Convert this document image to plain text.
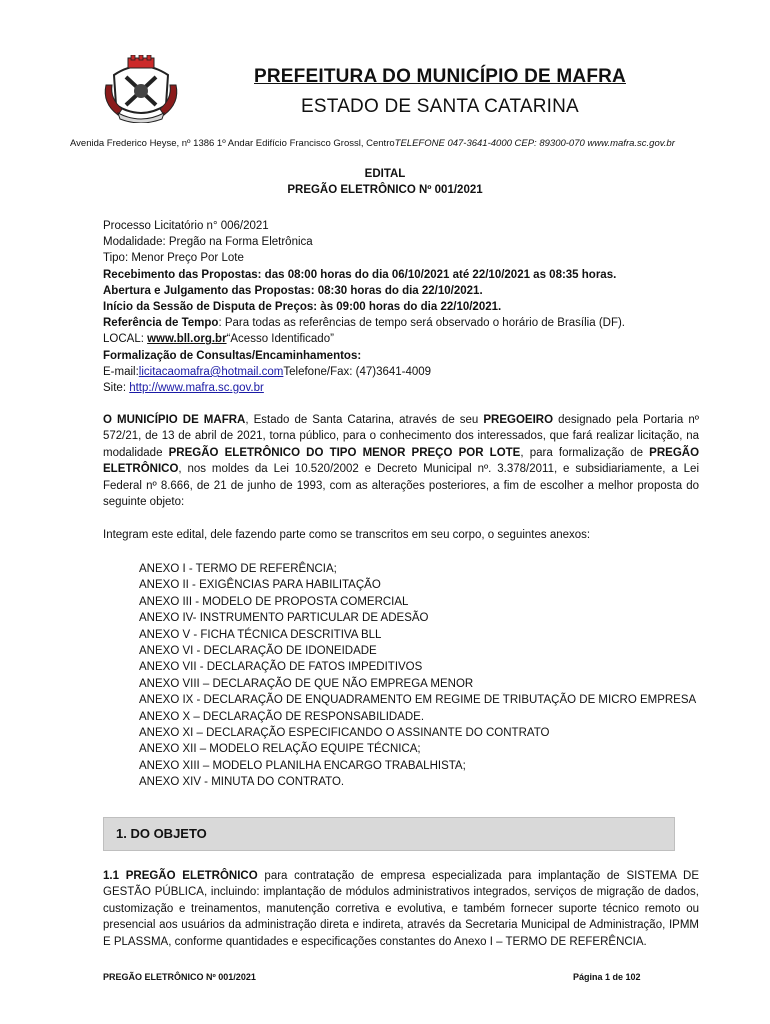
PREFEITURA DO MUNICÍPIO DE MAFRA
ESTADO DE SANTA CATARINA
Avenida Frederico Heyse, nº 1386 1º Andar Edifício Francisco Grossl, CentroTELEFONE 047-3641-4000 CEP: 89300-070 www.mafra.sc.gov.br
EDITAL
PREGÃO ELETRÔNICO Nº 001/2021
Processo Licitatório n° 006/2021
Modalidade: Pregão na Forma Eletrônica
Tipo: Menor Preço Por Lote
Recebimento das Propostas: das 08:00 horas do dia 06/10/2021 até 22/10/2021 as 08:35 horas.
Abertura e Julgamento das Propostas: 08:30 horas do dia 22/10/2021.
Início da Sessão de Disputa de Preços: às 09:00 horas do dia 22/10/2021.
Referência de Tempo: Para todas as referências de tempo será observado o horário de Brasília (DF).
LOCAL: www.bll.org.br“Acesso Identificado”
Formalização de Consultas/Encaminhamentos:
E-mail:licitacaomafra@hotmail.comTelefone/Fax: (47)3641-4009
Site: http://www.mafra.sc.gov.br
O MUNICÍPIO DE MAFRA, Estado de Santa Catarina, através de seu PREGOEIRO designado pela Portaria nº 572/21, de 13 de abril de 2021, torna público, para o conhecimento dos interessados, que fará realizar licitação, na modalidade PREGÃO ELETRÔNICO DO TIPO MENOR PREÇO POR LOTE, para formalização de PREGÃO ELETRÔNICO, nos moldes da Lei 10.520/2002 e Decreto Municipal nº. 3.378/2011, e subsidiariamente, a Lei Federal nº 8.666, de 21 de junho de 1993, com as alterações posteriores, a fim de escolher a melhor proposta do seguinte objeto:
Integram este edital, dele fazendo parte como se transcritos em seu corpo, o seguintes anexos:
ANEXO I - TERMO DE REFERÊNCIA;
ANEXO II - EXIGÊNCIAS PARA HABILITAÇÃO
ANEXO III - MODELO DE PROPOSTA COMERCIAL
ANEXO IV- INSTRUMENTO PARTICULAR DE ADESÃO
ANEXO V - FICHA TÉCNICA DESCRITIVA BLL
ANEXO VI - DECLARAÇÃO DE IDONEIDADE
ANEXO VII - DECLARAÇÃO DE FATOS IMPEDITIVOS
ANEXO VIII – DECLARAÇÃO DE QUE NÃO EMPREGA MENOR
ANEXO IX - DECLARAÇÃO DE ENQUADRAMENTO EM REGIME DE TRIBUTAÇÃO DE MICRO EMPRESA
ANEXO X – DECLARAÇÃO DE RESPONSABILIDADE.
ANEXO XI – DECLARAÇÃO ESPECIFICANDO O ASSINANTE DO CONTRATO
ANEXO XII – MODELO RELAÇÃO EQUIPE TÉCNICA;
ANEXO XIII – MODELO PLANILHA ENCARGO TRABALHISTA;
ANEXO XIV - MINUTA DO CONTRATO.
1. DO OBJETO
1.1 PREGÃO ELETRÔNICO para contratação de empresa especializada para implantação de SISTEMA DE GESTÃO PÚBLICA, incluindo: implantação de módulos administrativos integrados, serviços de migração de dados, customização e treinamentos, manutenção corretiva e evolutiva, e também fornecer suporte técnico remoto ou presencial aos usuários da administração direta e indireta, através da Secretaria Municipal de Administração, IPMM E PLASSMA, conforme quantidades e especificações constantes do Anexo I – TERMO DE REFERÊNCIA.
PREGÃO ELETRÔNICO Nº 001/2021	Página 1 de 102
